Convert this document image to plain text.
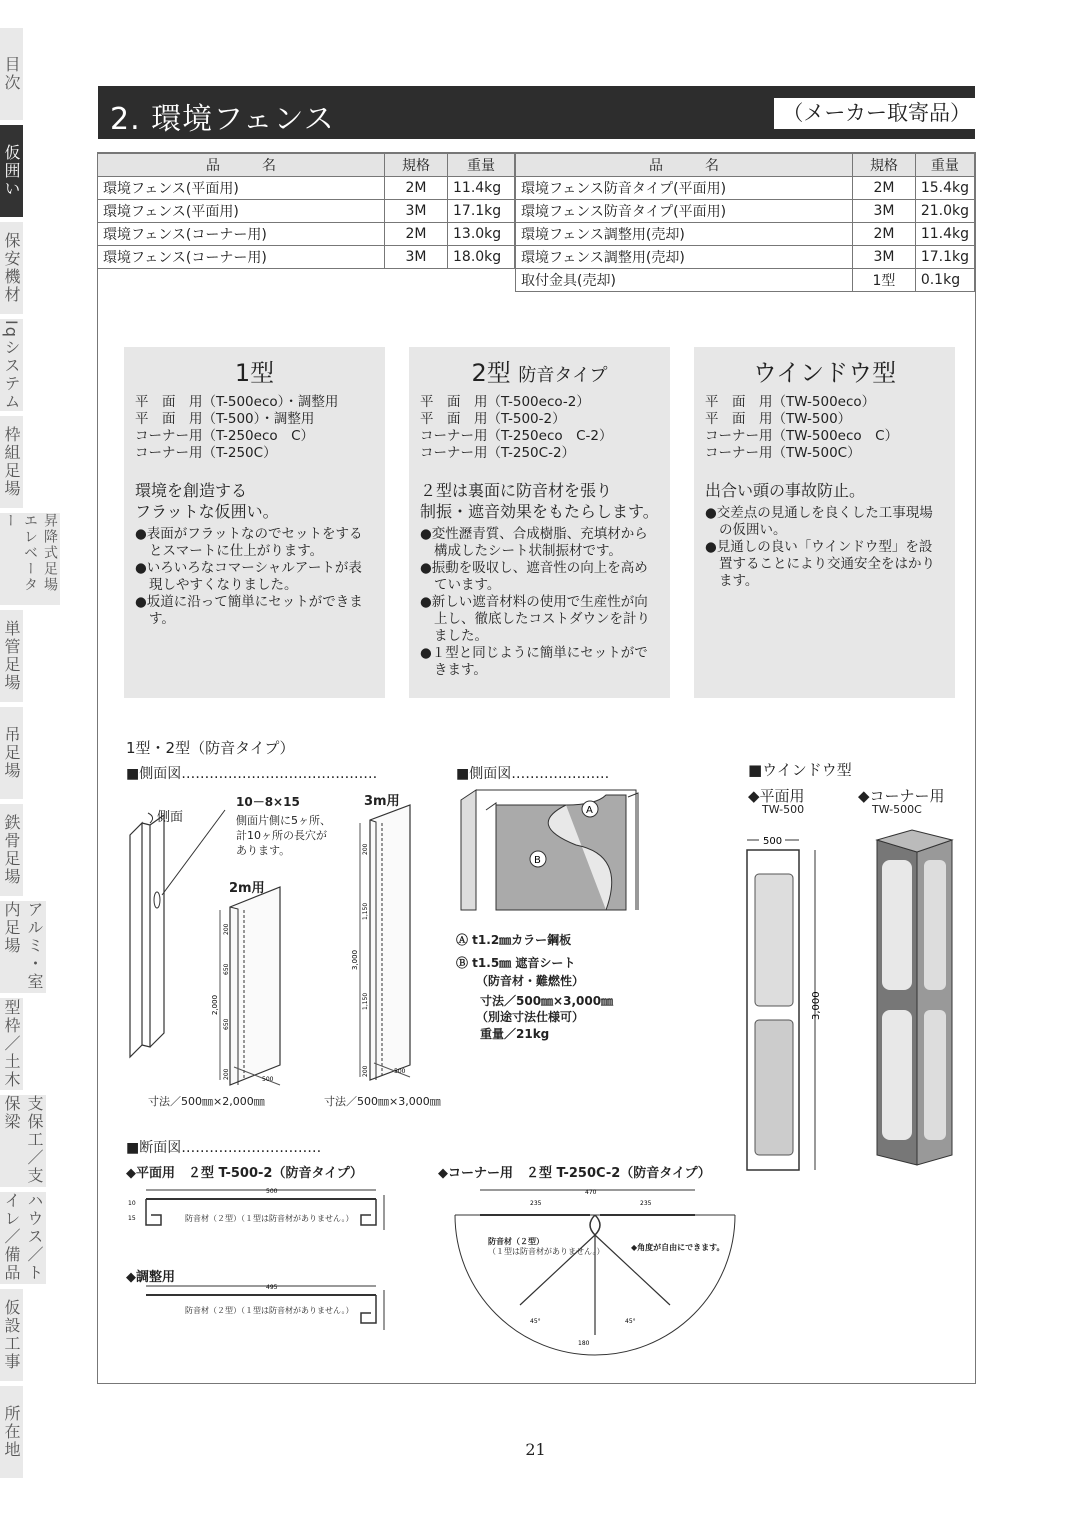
目次
仮囲い
保安機材
Iqシステム
枠組足場
昇降式足場 エレベーター
単管足場
吊足場
鉄骨足場
アルミ・室内足場
型枠／土木
支保工／支保梁
ハウス／トイレ／備品
仮設工事
所在地
2. 環境フェンス	（メーカー取寄品）
品　　　名	規格	重量
環境フェンス(平面用)	2M	11.4kg
環境フェンス(平面用)	3M	17.1kg
環境フェンス(コーナー用)	2M	13.0kg
環境フェンス(コーナー用)	3M	18.0kg
品　　　名	規格	重量
環境フェンス防音タイプ(平面用)	2M	15.4kg
環境フェンス防音タイプ(平面用)	3M	21.0kg
環境フェンス調整用(売却)	2M	11.4kg
環境フェンス調整用(売却)	3M	17.1kg
取付金具(売却)	1型	0.1kg
1型
平　面　用（T-500eco）・調整用
平　面　用（T-500）・調整用
コーナー用（T-250eco　C）
コーナー用（T-250C）
環境を創造する
フラットな仮囲い。
●表面がフラットなのでセットをするとスマートに仕上がります。
●いろいろなコマーシャルアートが表現しやすくなりました。
●坂道に沿って簡単にセットができます。
2型 防音タイプ
平　面　用（T-500eco-2）
平　面　用（T-500-2）
コーナー用（T-250eco　C-2）
コーナー用（T-250C-2）
２型は裏面に防音材を張り
制振・遮音効果をもたらします。
●変性瀝青質、合成樹脂、充填材から構成したシート状制振材です。
●振動を吸収し、遮音性の向上を高めています。
●新しい遮音材料の使用で生産性が向上し、徹底したコストダウンを計りました。
●１型と同じように簡単にセットができます。
ウインドウ型
平　面　用（TW-500eco）
平　面　用（TW-500）
コーナー用（TW-500eco　C）
コーナー用（TW-500C）
出合い頭の事故防止。
●交差点の見通しを良くした工事現場の仮囲い。
●見通しの良い「ウインドウ型」を設置することにより交通安全をはかります。
1型・2型（防音タイプ）
■側面図……………………………………	■側面図…………………	■ウインドウ型
◆平面用
TW-500
◆コーナー用
TW-500C
側面
10－8×15
側面片側に5ヶ所、
計10ヶ所の長穴が
あります。
2m用
3m用
寸法／500㎜×2,000㎜	寸法／500㎜×3,000㎜
Ⓐ t1.2㎜カラー鋼板
Ⓑ t1.5㎜ 遮音シート
（防音材・難燃性）
寸法／500㎜×3,000㎜
（別途寸法仕様可）
重量／21kg
■断面図…………………………
◆平面用　２型 T-500-2（防音タイプ）	◆コーナー用　２型 T-250C-2（防音タイプ）
◆調整用
防音材（２型）（１型は防音材がありません。）
防音材（２型）（１型は防音材がありません。）
防音材（２型）
（１型は防音材がありません。）	◆角度が自由にできます。
2,000
3,000
200
650
650
200
200
1,150
1,150
200
500
500
A
B
500
3,000
500
10
15
495
470
235	235
45°	45°
180
21
